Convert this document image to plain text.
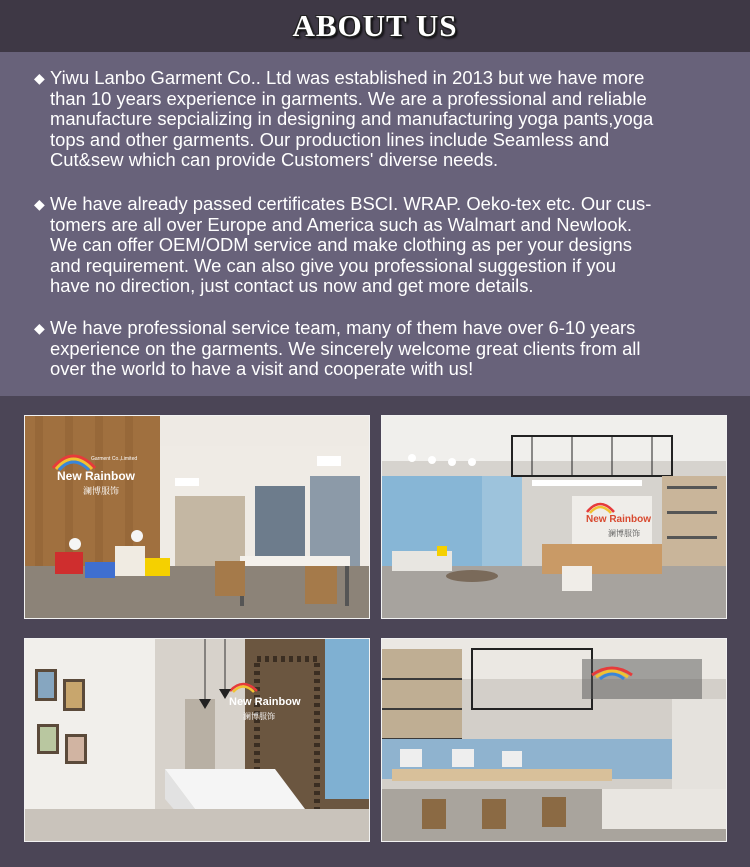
ABOUT US
◆ Yiwu Lanbo Garment Co.. Ltd was established in 2013 but we have more
than 10 years experience in garments. We are a professional and reliable
manufacture sepcializing in designing and manufacturing yoga pants,yoga
tops and other garments. Our production lines include Seamless and
Cut&sew which can provide Customers' diverse needs.
◆ We have already passed certificates BSCI. WRAP. Oeko-tex etc. Our cus-
tomers are all over Europe and America such as Walmart and Newlook.
We can offer OEM/ODM service and make clothing as per your designs
and requirement. We can also give you professional suggestion if you
have no direction, just contact us now and get more details.
◆ We have professional service team, many of them have over 6-10 years
experience on the garments. We sincerely welcome great clients from all
over the world to have a visit and cooperate with us!
New Rainbow
澜博服饰
Garment Co.,Limited
New Rainbow
澜博服饰
New Rainbow
澜博服饰
